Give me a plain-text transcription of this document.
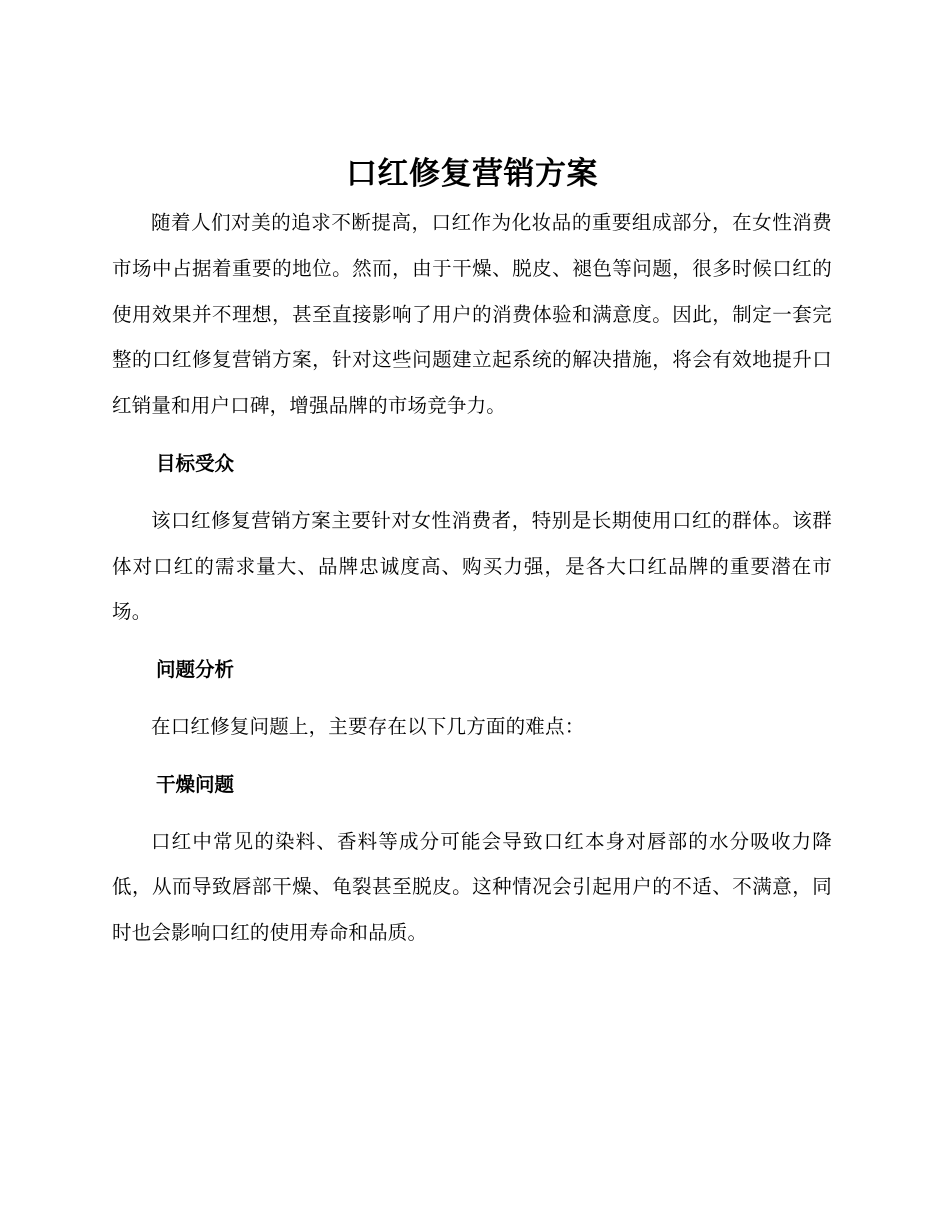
口红修复营销方案

随着人们对美的追求不断提高，口红作为化妆品的重要组成部分，在女性消费市场中占据着重要的地位。然而，由于干燥、脱皮、褪色等问题，很多时候口红的使用效果并不理想，甚至直接影响了用户的消费体验和满意度。因此，制定一套完整的口红修复营销方案，针对这些问题建立起系统的解决措施，将会有效地提升口红销量和用户口碑，增强品牌的市场竞争力。

目标受众

该口红修复营销方案主要针对女性消费者，特别是长期使用口红的群体。该群体对口红的需求量大、品牌忠诚度高、购买力强，是各大口红品牌的重要潜在市场。

问题分析

在口红修复问题上，主要存在以下几方面的难点：

干燥问题

口红中常见的染料、香料等成分可能会导致口红本身对唇部的水分吸收力降低，从而导致唇部干燥、龟裂甚至脱皮。这种情况会引起用户的不适、不满意，同时也会影响口红的使用寿命和品质。
